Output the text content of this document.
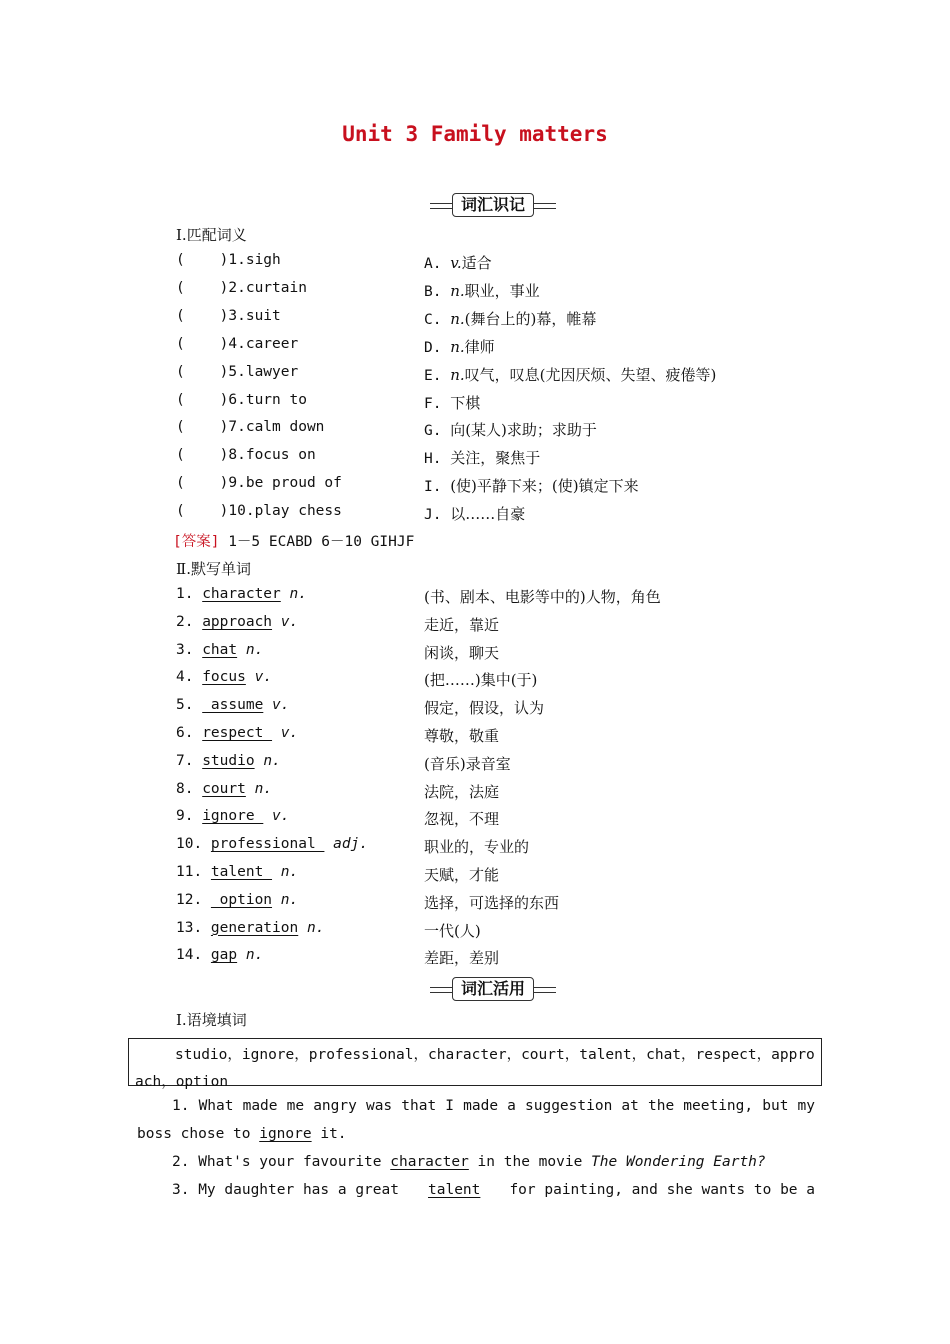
Unit 3 Family matters
词汇识记
Ⅰ.匹配词义
(    )1.sigh	A. v.适合
(    )2.curtain	B. n.职业，事业
(    )3.suit	C. n.(舞台上的)幕，帷幕
(    )4.career	D. n.律师
(    )5.lawyer	E. n.叹气，叹息(尤因厌烦、失望、疲倦等)
(    )6.turn to	F. 下棋
(    )7.calm down	G. 向(某人)求助；求助于
(    )8.focus on	H. 关注，聚焦于
(    )9.be proud of	I. (使)平静下来；(使)镇定下来
(    )10.play chess	J. 以……自豪
[答案] 1－5 ECABD 6－10 GIHJF
Ⅱ.默写单词
1. character n.	(书、剧本、电影等中的)人物，角色
2. approach v.	走近，靠近
3. chat n.	闲谈，聊天
4. focus v.	(把……)集中(于)
5.  assume v.	假定，假设，认为
6. respect  v.	尊敬，敬重
7. studio n.	(音乐)录音室
8. court n.	法院，法庭
9. ignore  v.	忽视，不理
10. professional  adj.	职业的，专业的
11. talent  n.	天赋，才能
12.  option n.	选择，可选择的东西
13. generation n.	一代(人)
14. gap n.	差距，差别
词汇活用
Ⅰ.语境填词
studio，ignore，professional，character，court，talent，chat，respect，appro
ach，option
1. What made me angry was that I made a suggestion at the meeting, but my
boss chose to ignore it.
2. What's your favourite character in the movie The Wondering Earth?
3. My daughter has a great talent for painting, and she wants to be a
